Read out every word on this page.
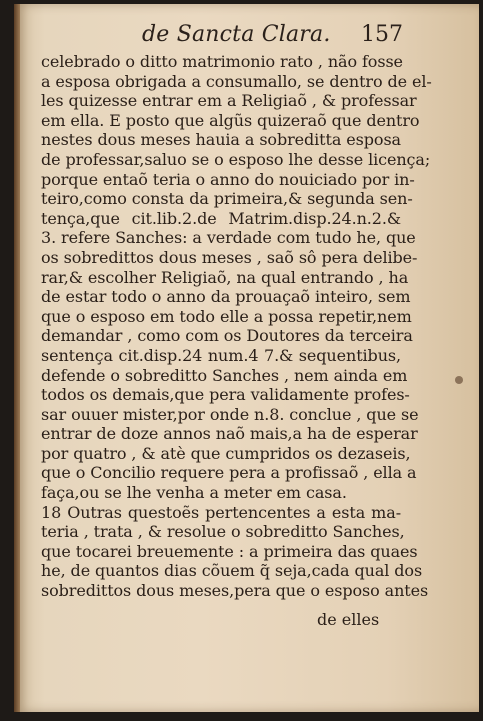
de Sancta Clara. 157
celebrado o ditto matrimonio rato , não fosse
a esposa obrigada a consumallo, se dentro de el-
les quizesse entrar em a Religiaõ , & professar
em ella. E posto que algũs quizeraõ que dentro
nestes dous meses hauia a sobreditta esposa
de professar,saluo se o esposo lhe desse licença;
porque entaõ teria o anno do nouiciado por in-
teiro,como consta da primeira,& segunda sen-
tença,que cit.lib.2.de Matrim.disp.24.n.2.&
3. refere Sanches: a verdade com tudo he, que
os sobredittos dous meses , saõ sô pera delibe-
rar,& escolher Religiaõ, na qual entrando , ha
de estar todo o anno da prouaçaõ inteiro, sem
que o esposo em todo elle a possa repetir,nem
demandar , como com os Doutores da terceira
sentença cit.disp.24 num.4 7.& sequentibus,
defende o sobreditto Sanches , nem ainda em
todos os demais,que pera validamente profes-
sar ouuer mister,por onde n.8. conclue , que se
entrar de doze annos naõ mais,a ha de esperar
por quatro , & atè que cumpridos os dezaseis,
que o Concilio requere pera a profissaõ , ella a
faça,ou se lhe venha a meter em casa.
18 Outras questoẽs pertencentes a esta ma-
teria , trata , & resolue o sobreditto Sanches,
que tocarei breuemente : a primeira das quaes
he, de quantos dias cõuem q̃ seja,cada qual dos
sobredittos dous meses,pera que o esposo antes
de elles
